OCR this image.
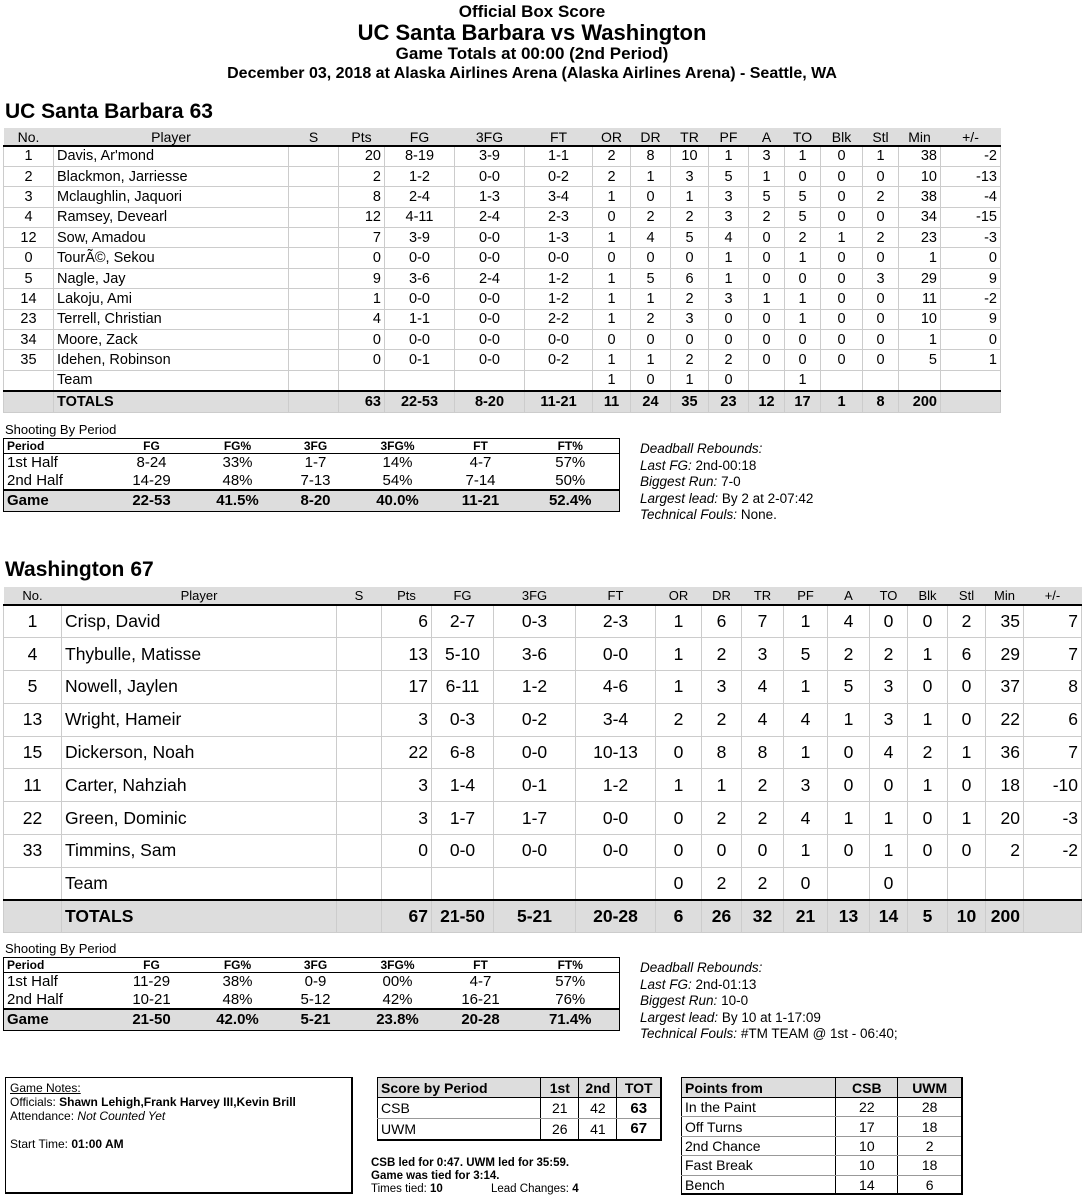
Official Box Score
UC Santa Barbara vs Washington
Game Totals at 00:00 (2nd Period)
December 03, 2018 at Alaska Airlines Arena (Alaska Airlines Arena) - Seattle, WA
UC Santa Barbara 63
No.	Player	S	Pts	FG	3FG	FT	OR	DR	TR	PF	A	TO	Blk	Stl	Min	+/-
1	Davis, Ar'mond		20	8-19	3-9	1-1	2	8	10	1	3	1	0	1	38	-2
2	Blackmon, Jarriesse		2	1-2	0-0	0-2	2	1	3	5	1	0	0	0	10	-13
3	Mclaughlin, Jaquori		8	2-4	1-3	3-4	1	0	1	3	5	5	0	2	38	-4
4	Ramsey, Devearl		12	4-11	2-4	2-3	0	2	2	3	2	5	0	0	34	-15
12	Sow, Amadou		7	3-9	0-0	1-3	1	4	5	4	0	2	1	2	23	-3
0	TourÃ©, Sekou		0	0-0	0-0	0-0	0	0	0	1	0	1	0	0	1	0
5	Nagle, Jay		9	3-6	2-4	1-2	1	5	6	1	0	0	0	3	29	9
14	Lakoju, Ami		1	0-0	0-0	1-2	1	1	2	3	1	1	0	0	11	-2
23	Terrell, Christian		4	1-1	0-0	2-2	1	2	3	0	0	1	0	0	10	9
34	Moore, Zack		0	0-0	0-0	0-0	0	0	0	0	0	0	0	0	1	0
35	Idehen, Robinson		0	0-1	0-0	0-2	1	1	2	2	0	0	0	0	5	1
	Team						1	0	1	0		1				
	TOTALS		63	22-53	8-20	11-21	11	24	35	23	12	17	1	8	200	
Shooting By Period
Period	FG	FG%	3FG	3FG%	FT	FT%
1st Half	8-24	33%	1-7	14%	4-7	57%
2nd Half	14-29	48%	7-13	54%	7-14	50%
Game	22-53	41.5%	8-20	40.0%	11-21	52.4%
Deadball Rebounds:
Last FG: 2nd-00:18
Biggest Run: 7-0
Largest lead: By 2 at 2-07:42
Technical Fouls: None.
Washington 67
No.	Player	S	Pts	FG	3FG	FT	OR	DR	TR	PF	A	TO	Blk	Stl	Min	+/-
1	Crisp, David		6	2-7	0-3	2-3	1	6	7	1	4	0	0	2	35	7
4	Thybulle, Matisse		13	5-10	3-6	0-0	1	2	3	5	2	2	1	6	29	7
5	Nowell, Jaylen		17	6-11	1-2	4-6	1	3	4	1	5	3	0	0	37	8
13	Wright, Hameir		3	0-3	0-2	3-4	2	2	4	4	1	3	1	0	22	6
15	Dickerson, Noah		22	6-8	0-0	10-13	0	8	8	1	0	4	2	1	36	7
11	Carter, Nahziah		3	1-4	0-1	1-2	1	1	2	3	0	0	1	0	18	-10
22	Green, Dominic		3	1-7	1-7	0-0	0	2	2	4	1	1	0	1	20	-3
33	Timmins, Sam		0	0-0	0-0	0-0	0	0	0	1	0	1	0	0	2	-2
	Team						0	2	2	0		0				
	TOTALS		67	21-50	5-21	20-28	6	26	32	21	13	14	5	10	200	
Shooting By Period
Period	FG	FG%	3FG	3FG%	FT	FT%
1st Half	11-29	38%	0-9	00%	4-7	57%
2nd Half	10-21	48%	5-12	42%	16-21	76%
Game	21-50	42.0%	5-21	23.8%	20-28	71.4%
Deadball Rebounds:
Last FG: 2nd-01:13
Biggest Run: 10-0
Largest lead: By 10 at 1-17:09
Technical Fouls: #TM TEAM @ 1st - 06:40;
Game Notes:
Officials: Shawn Lehigh,Frank Harvey III,Kevin Brill
Attendance: Not Counted Yet
Start Time: 01:00 AM
Score by Period	1st	2nd	TOT
CSB	21	42	63
UWM	26	41	67
CSB led for 0:47. UWM led for 35:59.
Game was tied for 3:14.
Times tied: 10	Lead Changes: 4
Points from	CSB	UWM
In the Paint	22	28
Off Turns	17	18
2nd Chance	10	2
Fast Break	10	18
Bench	14	6
